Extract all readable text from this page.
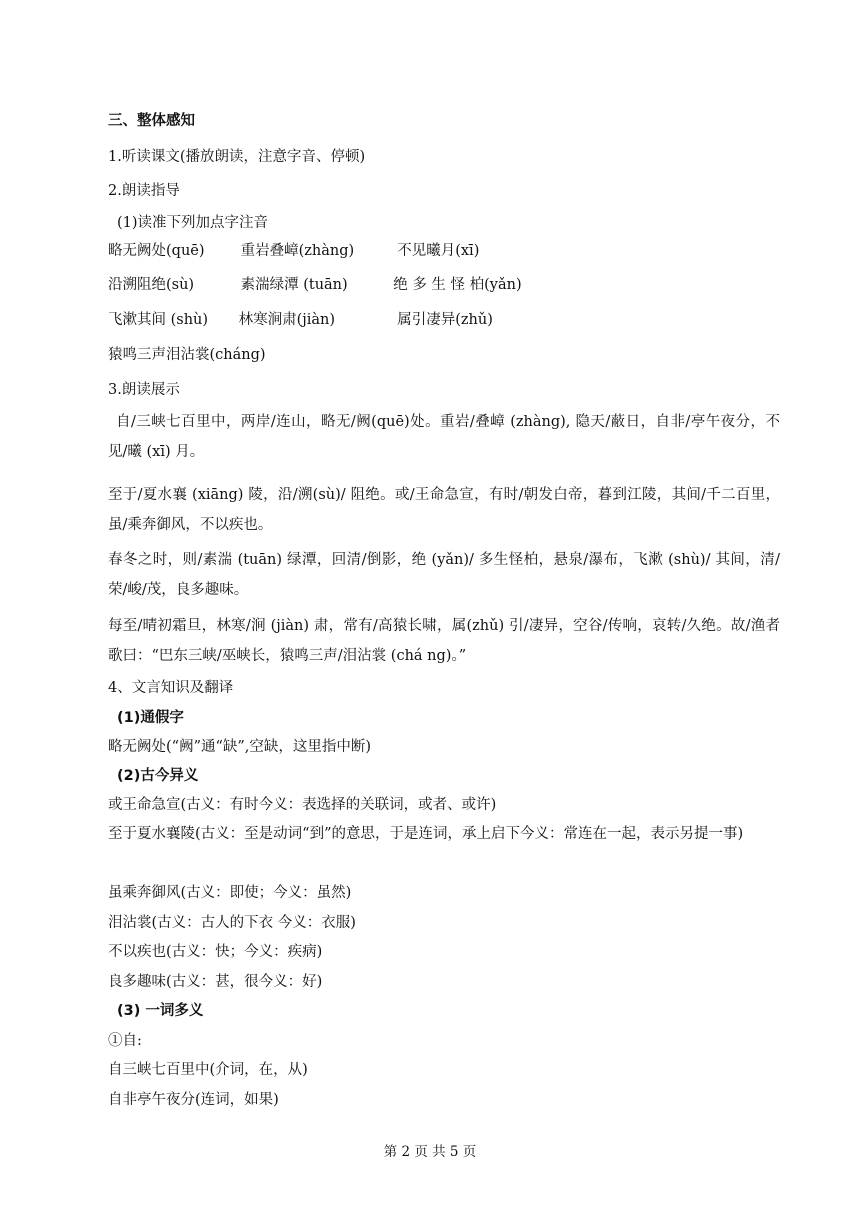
三、整体感知
1.听读课文(播放朗读，注意字音、停顿)
2.朗读指导
(1)读准下列加点字注音
略无阙处(quē) 重岩叠嶂(zhàng)	不见曦月(xī)
沿溯阻绝(sù)	素湍绿潭 (tuān)	绝 多 生 怪 柏(yǎn)
飞漱其间 (shù) 林寒涧肃(jiàn)	属引凄异(zhǔ)
猿鸣三声泪沾裳(cháng)
3.朗读展示
自/三峡七百里中，两岸/连山，略无/阙(quē)处。重岩/叠嶂 (zhàng), 隐天/蔽日，自非/亭午夜分，不见/曦 (xī) 月。
至于/夏水襄 (xiāng) 陵，沿/溯(sù)/ 阻绝。或/王命急宣，有时/朝发白帝，暮到江陵，其间/千二百里，虽/乘奔御风，不以疾也。
春冬之时，则/素湍 (tuān) 绿潭，回清/倒影，绝 (yǎn)/ 多生怪柏，悬泉/瀑布，飞漱 (shù)/ 其间，清/荣/峻/茂，良多趣味。
每至/晴初霜旦，林寒/涧 (jiàn) 肃，常有/高猿长啸，属(zhǔ) 引/凄异，空谷/传响，哀转/久绝。故/渔者歌曰：“巴东三峡/巫峡长，猿鸣三声/泪沾裳 (chá ng)。”
4、文言知识及翻译
(1)通假字
略无阙处(“阙”通“缺”,空缺，这里指中断)
(2)古今异义
或王命急宣(古义：有时今义：表选择的关联词，或者、或许)
至于夏水襄陵(古义：至是动词“到”的意思，于是连词，承上启下今义：常连在一起，表示另提一事)
虽乘奔御风(古义：即使；今义：虽然)
泪沾裳(古义：古人的下衣 今义：衣服)
不以疾也(古义：快；今义：疾病)
良多趣味(古义：甚，很今义：好)
(3) 一词多义
①自:
自三峡七百里中(介词，在，从)
自非亭午夜分(连词，如果)
第 2 页 共 5 页
